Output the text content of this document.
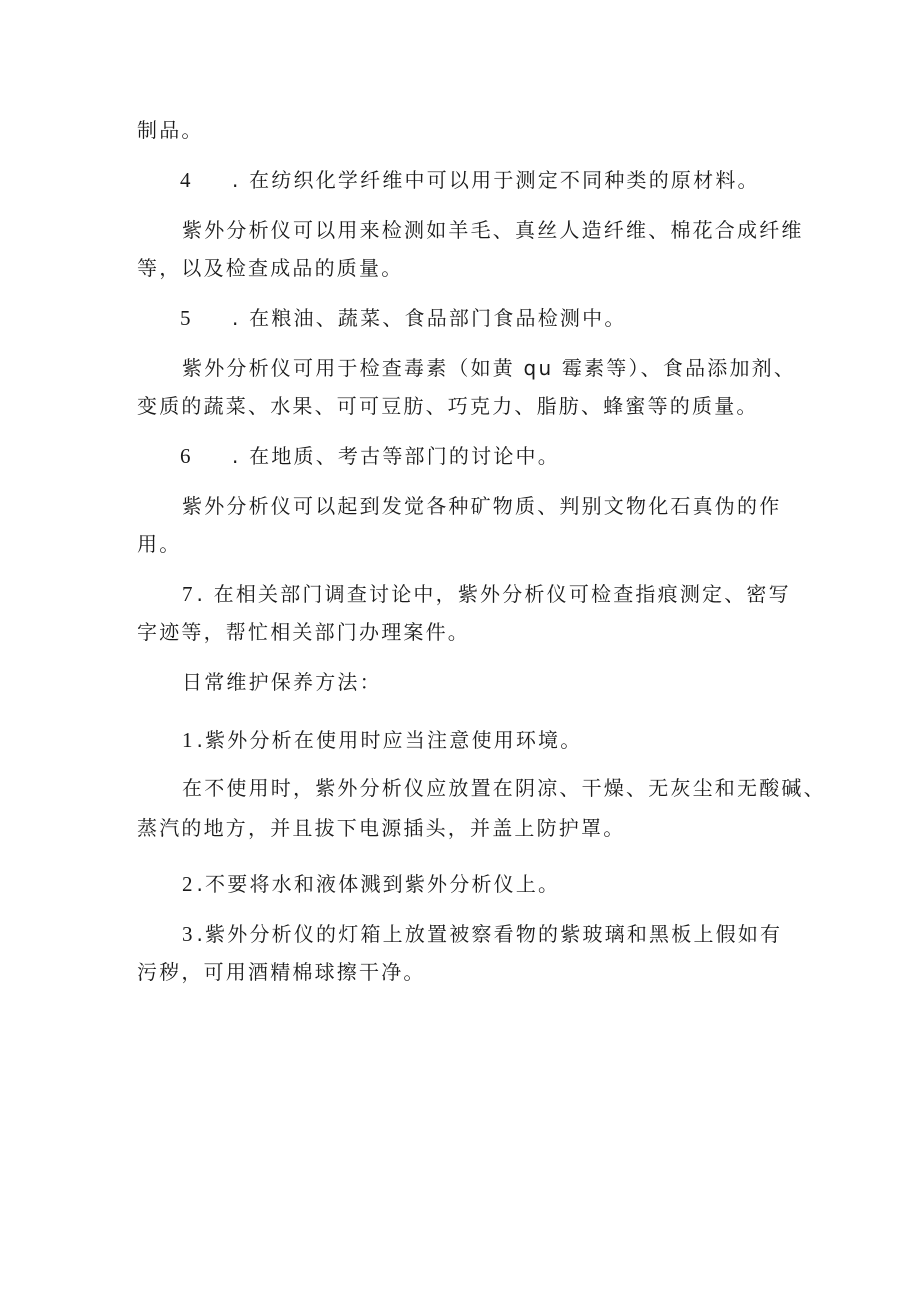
制品。
4 . 在纺织化学纤维中可以用于测定不同种类的原材料。
紫外分析仪可以用来检测如羊毛、真丝人造纤维、棉花合成纤维
等，以及检查成品的质量。
5 . 在粮油、蔬菜、食品部门食品检测中。
紫外分析仪可用于检查毒素（如黄 qu 霉素等）、食品添加剂、
变质的蔬菜、水果、可可豆肪、巧克力、脂肪、蜂蜜等的质量。
6 . 在地质、考古等部门的讨论中。
紫外分析仪可以起到发觉各种矿物质、判别文物化石真伪的作
用。
7 . 在相关部门调查讨论中，紫外分析仪可检查指痕测定、密写
字迹等，帮忙相关部门办理案件。
日常维护保养方法：
1 .紫外分析在使用时应当注意使用环境。
在不使用时，紫外分析仪应放置在阴凉、干燥、无灰尘和无酸碱、
蒸汽的地方，并且拔下电源插头，并盖上防护罩。
2 .不要将水和液体溅到紫外分析仪上。
3 .紫外分析仪的灯箱上放置被察看物的紫玻璃和黑板上假如有
污秽，可用酒精棉球擦干净。
